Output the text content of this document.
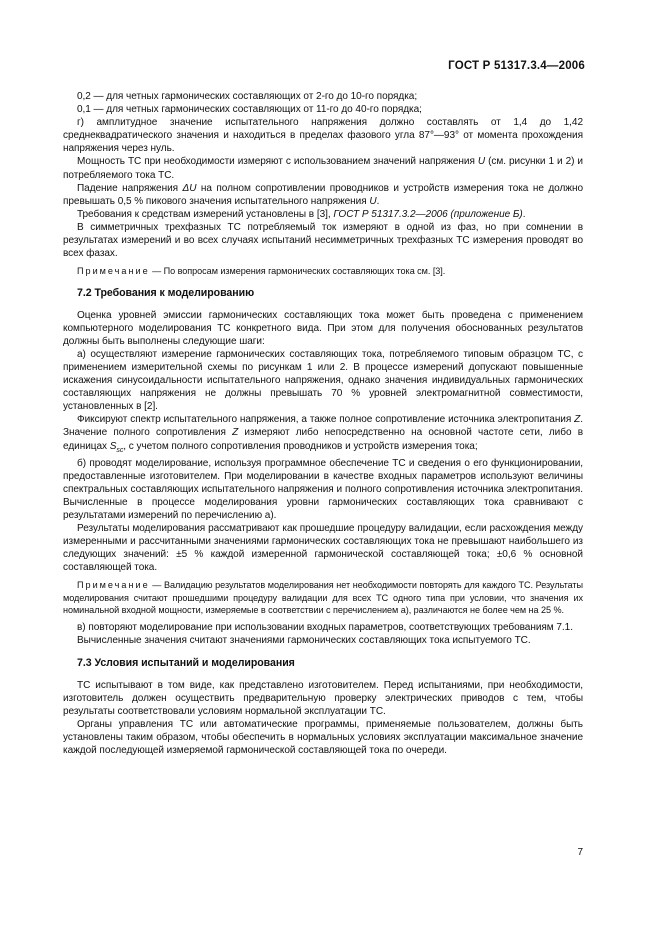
ГОСТ Р 51317.3.4—2006

0,2 — для четных гармонических составляющих от 2-го до 10-го порядка;

0,1 — для четных гармонических составляющих от 11-го до 40-го порядка;

г) амплитудное значение испытательного напряжения должно составлять от 1,4 до 1,42 среднеквадратического значения и находиться в пределах фазового угла 87°—93° от момента прохождения напряжения через нуль.

Мощность ТС при необходимости измеряют с использованием значений напряжения U (см. рисунки 1 и 2) и потребляемого тока ТС.

Падение напряжения ΔU на полном сопротивлении проводников и устройств измерения тока не должно превышать 0,5 % пикового значения испытательного напряжения U.

Требования к средствам измерений установлены в [3], ГОСТ Р 51317.3.2—2006 (приложение Б).

В симметричных трехфазных ТС потребляемый ток измеряют в одной из фаз, но при сомнении в результатах измерений и во всех случаях испытаний несимметричных трехфазных ТС измерения проводят во всех фазах.

Примечание — По вопросам измерения гармонических составляющих тока см. [3].

7.2 Требования к моделированию

Оценка уровней эмиссии гармонических составляющих тока может быть проведена с применением компьютерного моделирования ТС конкретного вида. При этом для получения обоснованных результатов должны быть выполнены следующие шаги:

а) осуществляют измерение гармонических составляющих тока, потребляемого типовым образцом ТС, с применением измерительной схемы по рисункам 1 или 2. В процессе измерений допускают повышенные искажения синусоидальности испытательного напряжения, однако значения индивидуальных гармонических составляющих напряжения не должны превышать 70 % уровней электромагнитной совместимости, установленных в [2].

Фиксируют спектр испытательного напряжения, а также полное сопротивление источника электропитания Z. Значение полного сопротивления Z измеряют либо непосредственно на основной частоте сети, либо в единицах $S_{sc}$, с учетом полного сопротивления проводников и устройств измерения тока;

б) проводят моделирование, используя программное обеспечение ТС и сведения о его функционировании, предоставленные изготовителем. При моделировании в качестве входных параметров используют величины спектральных составляющих испытательного напряжения и полного сопротивления источника электропитания. Вычисленные в процессе моделирования уровни гармонических составляющих тока сравнивают с результатами измерений по перечислению а).

Результаты моделирования рассматривают как прошедшие процедуру валидации, если расхождения между измеренными и рассчитанными значениями гармонических составляющих тока не превышают наибольшего из следующих значений: ±5 % каждой измеренной гармонической составляющей тока; ±0,6 % основной составляющей тока.

Примечание — Валидацию результатов моделирования нет необходимости повторять для каждого ТС. Результаты моделирования считают прошедшими процедуру валидации для всех ТС одного типа при условии, что значения их номинальной входной мощности, измеряемые в соответствии с перечислением а), различаются не более чем на 25 %.

в) повторяют моделирование при использовании входных параметров, соответствующих требованиям 7.1.

Вычисленные значения считают значениями гармонических составляющих тока испытуемого ТС.

7.3 Условия испытаний и моделирования

ТС испытывают в том виде, как представлено изготовителем. Перед испытаниями, при необходимости, изготовитель должен осуществить предварительную проверку электрических приводов с тем, чтобы результаты соответствовали условиям нормальной эксплуатации ТС.

Органы управления ТС или автоматические программы, применяемые пользователем, должны быть установлены таким образом, чтобы обеспечить в нормальных условиях эксплуатации максимальное значение каждой последующей измеряемой гармонической составляющей тока по очереди.

7
